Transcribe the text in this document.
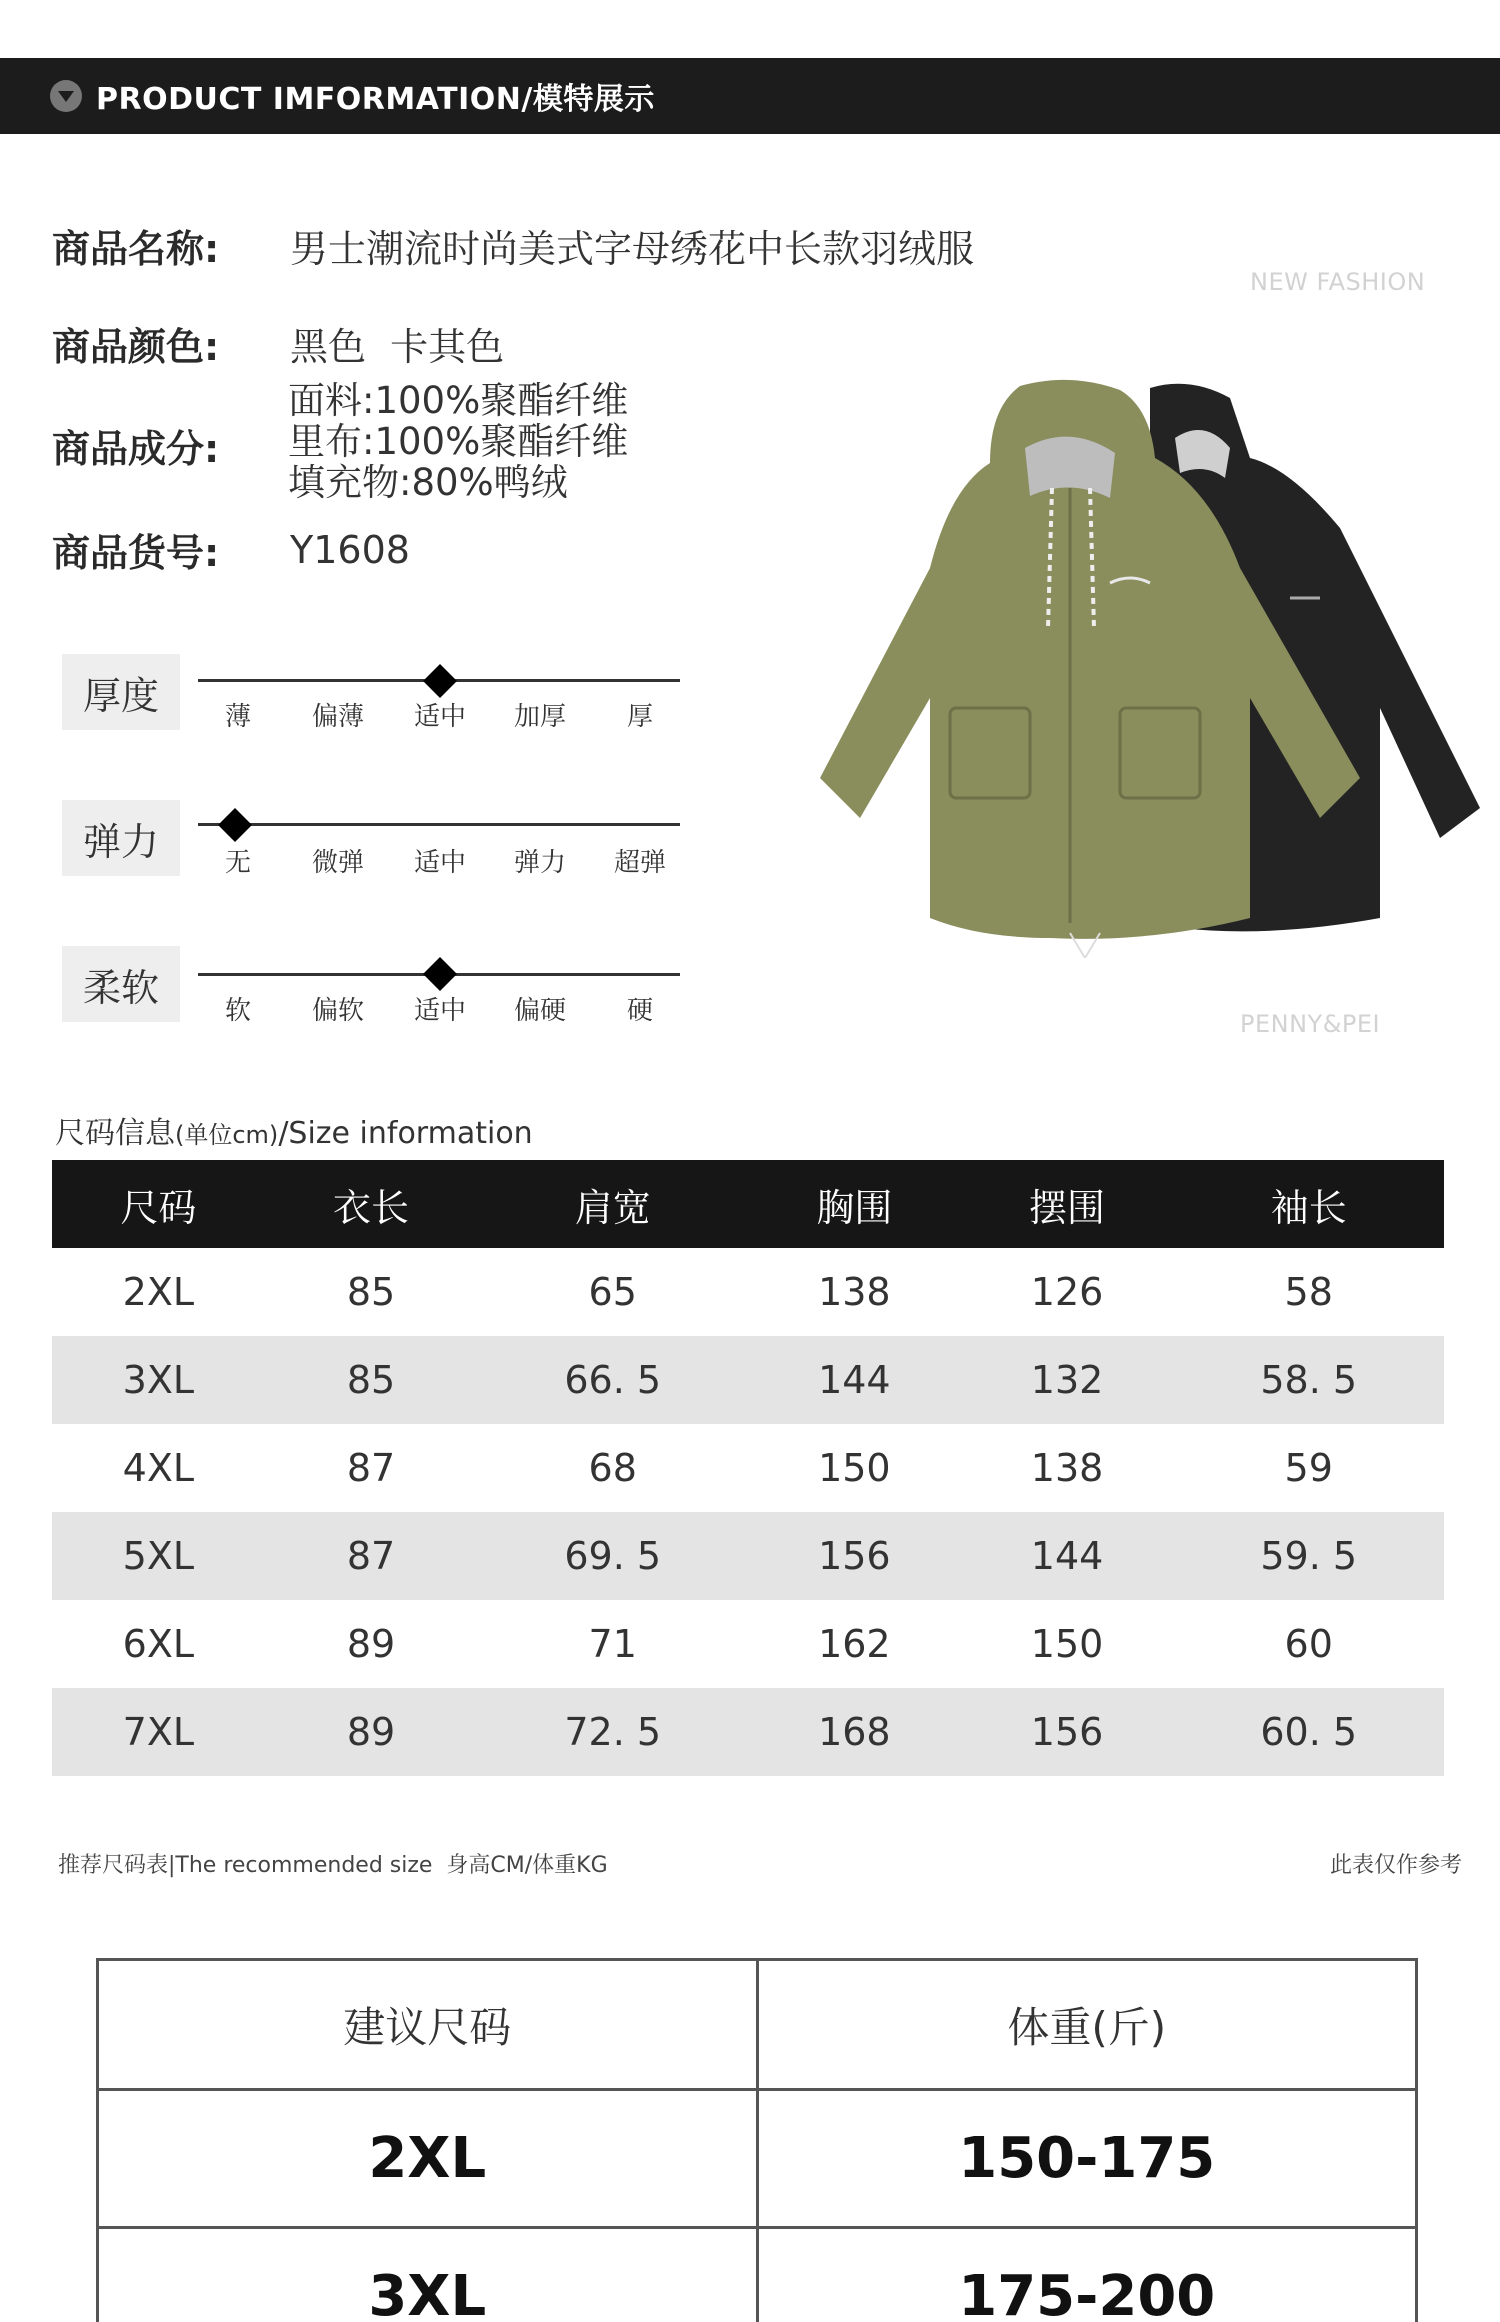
PRODUCT IMFORMATION/模特展示
商品名称:	男士潮流时尚美式字母绣花中长款羽绒服
商品颜色:	黑色  卡其色
商品成分:
面料:100%聚酯纤维
里布:100%聚酯纤维
填充物:80%鸭绒
商品货号:	Y1608
NEW FASHION
PENNY&PEI
厚度	薄	偏薄	适中	加厚	厚
弹力	无	微弹	适中	弹力	超弹
柔软
软	偏软	适中	偏硬	硬
尺码信息(单位cm)/Size information
尺码	衣长	肩宽	胸围	摆围	袖长
2XL	85	65	138	126	58
3XL	85	66. 5	144	132	58. 5
4XL	87	68	150	138	59
5XL	87	69. 5	156	144	59. 5
6XL	89	71	162	150	60
7XL	89	72. 5	168	156	60. 5
推荐尺码表|The recommended size  身高CM/体重KG	此表仅作参考
建议尺码	体重(斤)
2XL	150-175
3XL	175-200
